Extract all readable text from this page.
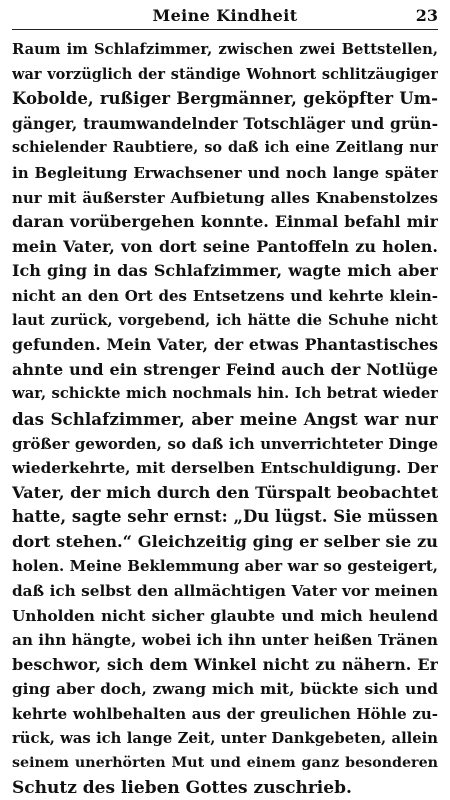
Meine Kindheit	23
Raum im Schlafzimmer, zwischen zwei Bettstellen,
war vorzüglich der ständige Wohnort schlitzäugiger
Kobolde, rußiger Bergmänner, geköpfter Um-
gänger, traumwandelnder Totschläger und grün-
schielender Raubtiere, so daß ich eine Zeitlang nur
in Begleitung Erwachsener und noch lange später
nur mit äußerster Aufbietung alles Knabenstolzes
daran vorübergehen konnte. Einmal befahl mir
mein Vater, von dort seine Pantoffeln zu holen.
Ich ging in das Schlafzimmer, wagte mich aber
nicht an den Ort des Entsetzens und kehrte klein-
laut zurück, vorgebend, ich hätte die Schuhe nicht
gefunden. Mein Vater, der etwas Phantastisches
ahnte und ein strenger Feind auch der Notlüge
war, schickte mich nochmals hin. Ich betrat wieder
das Schlafzimmer, aber meine Angst war nur
größer geworden, so daß ich unverrichteter Dinge
wiederkehrte, mit derselben Entschuldigung. Der
Vater, der mich durch den Türspalt beobachtet
hatte, sagte sehr ernst: „Du lügst. Sie müssen
dort stehen.“ Gleichzeitig ging er selber sie zu
holen. Meine Beklemmung aber war so gesteigert,
daß ich selbst den allmächtigen Vater vor meinen
Unholden nicht sicher glaubte und mich heulend
an ihn hängte, wobei ich ihn unter heißen Tränen
beschwor, sich dem Winkel nicht zu nähern. Er
ging aber doch, zwang mich mit, bückte sich und
kehrte wohlbehalten aus der greulichen Höhle zu-
rück, was ich lange Zeit, unter Dankgebeten, allein
seinem unerhörten Mut und einem ganz besonderen
Schutz des lieben Gottes zuschrieb.
